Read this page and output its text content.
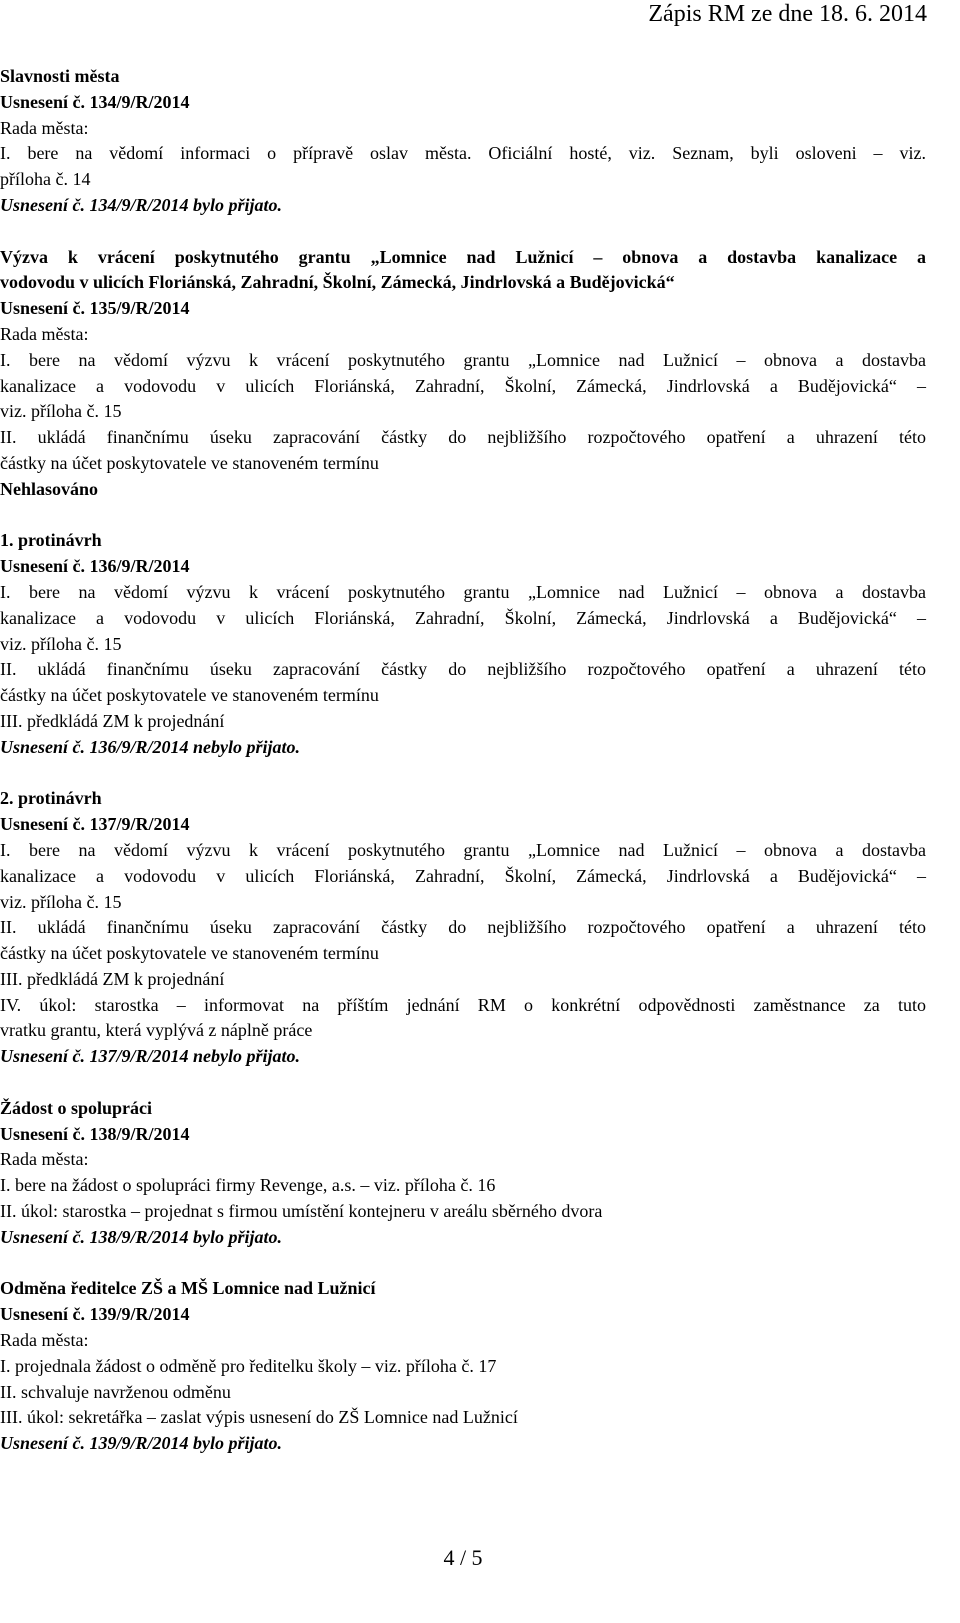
Zápis RM ze dne 18. 6. 2014
Slavnosti města
Usnesení č. 134/9/R/2014
Rada města:
I. bere na vědomí informaci o přípravě oslav města. Oficiální hosté, viz. Seznam, byli osloveni – viz.
příloha č. 14
Usnesení č. 134/9/R/2014 bylo přijato.
Výzva k vrácení poskytnutého grantu „Lomnice nad Lužnicí – obnova a dostavba kanalizace a
vodovodu v ulicích Floriánská, Zahradní, Školní, Zámecká, Jindrlovská a Budějovická“
Usnesení č. 135/9/R/2014
Rada města:
I. bere na vědomí výzvu k vrácení poskytnutého grantu „Lomnice nad Lužnicí – obnova a dostavba
kanalizace a vodovodu v ulicích Floriánská, Zahradní, Školní, Zámecká, Jindrlovská a Budějovická“ –
viz. příloha č. 15
II. ukládá finančnímu úseku zapracování částky do nejbližšího rozpočtového opatření a uhrazení této
částky na účet poskytovatele ve stanoveném termínu
Nehlasováno
1. protinávrh
Usnesení č. 136/9/R/2014
I. bere na vědomí výzvu k vrácení poskytnutého grantu „Lomnice nad Lužnicí – obnova a dostavba
kanalizace a vodovodu v ulicích Floriánská, Zahradní, Školní, Zámecká, Jindrlovská a Budějovická“ –
viz. příloha č. 15
II. ukládá finančnímu úseku zapracování částky do nejbližšího rozpočtového opatření a uhrazení této
částky na účet poskytovatele ve stanoveném termínu
III. předkládá ZM k projednání
Usnesení č. 136/9/R/2014 nebylo přijato.
2. protinávrh
Usnesení č. 137/9/R/2014
I. bere na vědomí výzvu k vrácení poskytnutého grantu „Lomnice nad Lužnicí – obnova a dostavba
kanalizace a vodovodu v ulicích Floriánská, Zahradní, Školní, Zámecká, Jindrlovská a Budějovická“ –
viz. příloha č. 15
II. ukládá finančnímu úseku zapracování částky do nejbližšího rozpočtového opatření a uhrazení této
částky na účet poskytovatele ve stanoveném termínu
III. předkládá ZM k projednání
IV. úkol: starostka – informovat na příštím jednání RM o konkrétní odpovědnosti zaměstnance za tuto
vratku grantu, která vyplývá z náplně práce
Usnesení č. 137/9/R/2014 nebylo přijato.
Žádost o spolupráci
Usnesení č. 138/9/R/2014
Rada města:
I. bere na žádost o spolupráci firmy Revenge, a.s. – viz. příloha č. 16
II. úkol: starostka – projednat s firmou umístění kontejneru v areálu sběrného dvora
Usnesení č. 138/9/R/2014 bylo přijato.
Odměna ředitelce ZŠ a MŠ Lomnice nad Lužnicí
Usnesení č. 139/9/R/2014
Rada města:
I. projednala žádost o odměně pro ředitelku školy – viz. příloha č. 17
II. schvaluje navrženou odměnu
III. úkol: sekretářka – zaslat výpis usnesení do ZŠ Lomnice nad Lužnicí
Usnesení č. 139/9/R/2014 bylo přijato.
4 / 5
